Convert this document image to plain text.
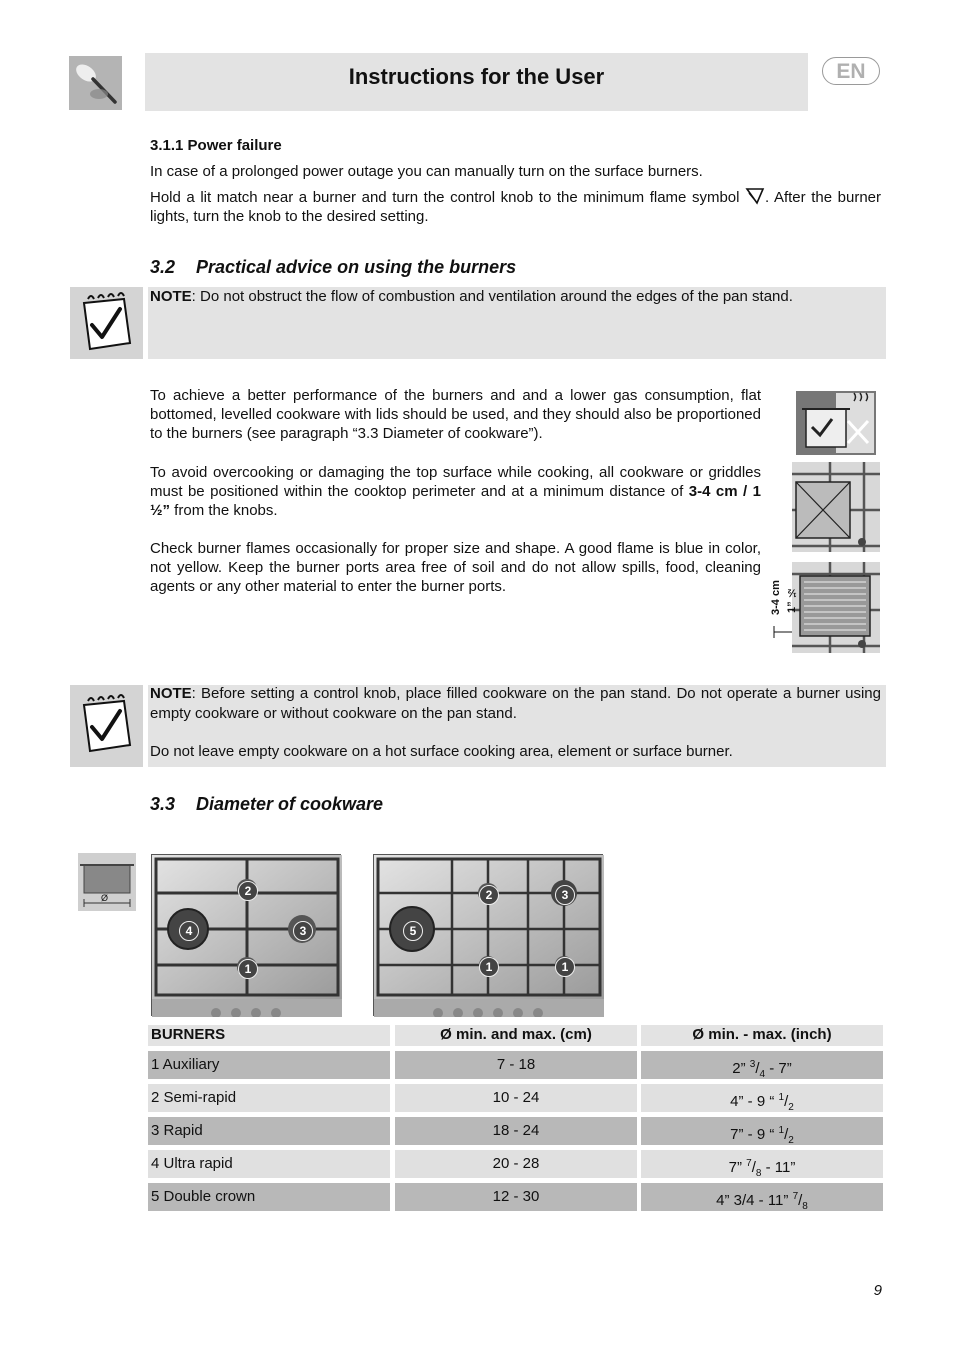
Instructions for the User	EN
3.1.1 Power failure
In case of a prolonged power outage you can manually turn on the surface burners.
Hold a lit match near a burner and turn the control knob to the minimum flame symbol . After the burner lights, turn the knob to the desired setting.
3.2 Practical advice on using the burners
NOTE: Do not obstruct the flow of combustion and ventilation around the edges of the pan stand.
To achieve a better performance of the burners and and a lower gas consumption, flat bottomed, levelled cookware with lids should be used, and they should also be proportioned to the burners (see paragraph “3.3 Diameter of cookware”).
To avoid overcooking or damaging the top surface while cooking, all cookware or griddles must be positioned within the cooktop perimeter and at a minimum distance of 3-4 cm / 1 ½” from the knobs.
Check burner flames occasionally for proper size and shape. A good flame is blue in color, not yellow. Keep the burner ports area free of soil and do not allow spills, food, cleaning agents or any other material to enter the burner ports.	3-4 cm 1” ½
NOTE: Before setting a control knob, place filled cookware on the pan stand. Do not operate a burner using empty cookware or without cookware on the pan stand.
Do not leave empty cookware on a hot surface cooking area, element or surface burner.
3.3 Diameter of cookware
Ø	2
4	3
1
5
2	3
1	1
BURNERS	Ø min. and max. (cm)	Ø min. - max. (inch)
1 Auxiliary	7 - 18	2” $^3/_4 - 7$”
2 Semi-rapid	10 - 24	4” - 9 “ $^1/_2$
3 Rapid	18 - 24	7” - 9 “ $^1/_2$
4 Ultra rapid	20 - 28	7” $^7/_8 - 11$”
5 Double crown	12 - 30	4” 3/4 - 11” $^7/_8$
9
